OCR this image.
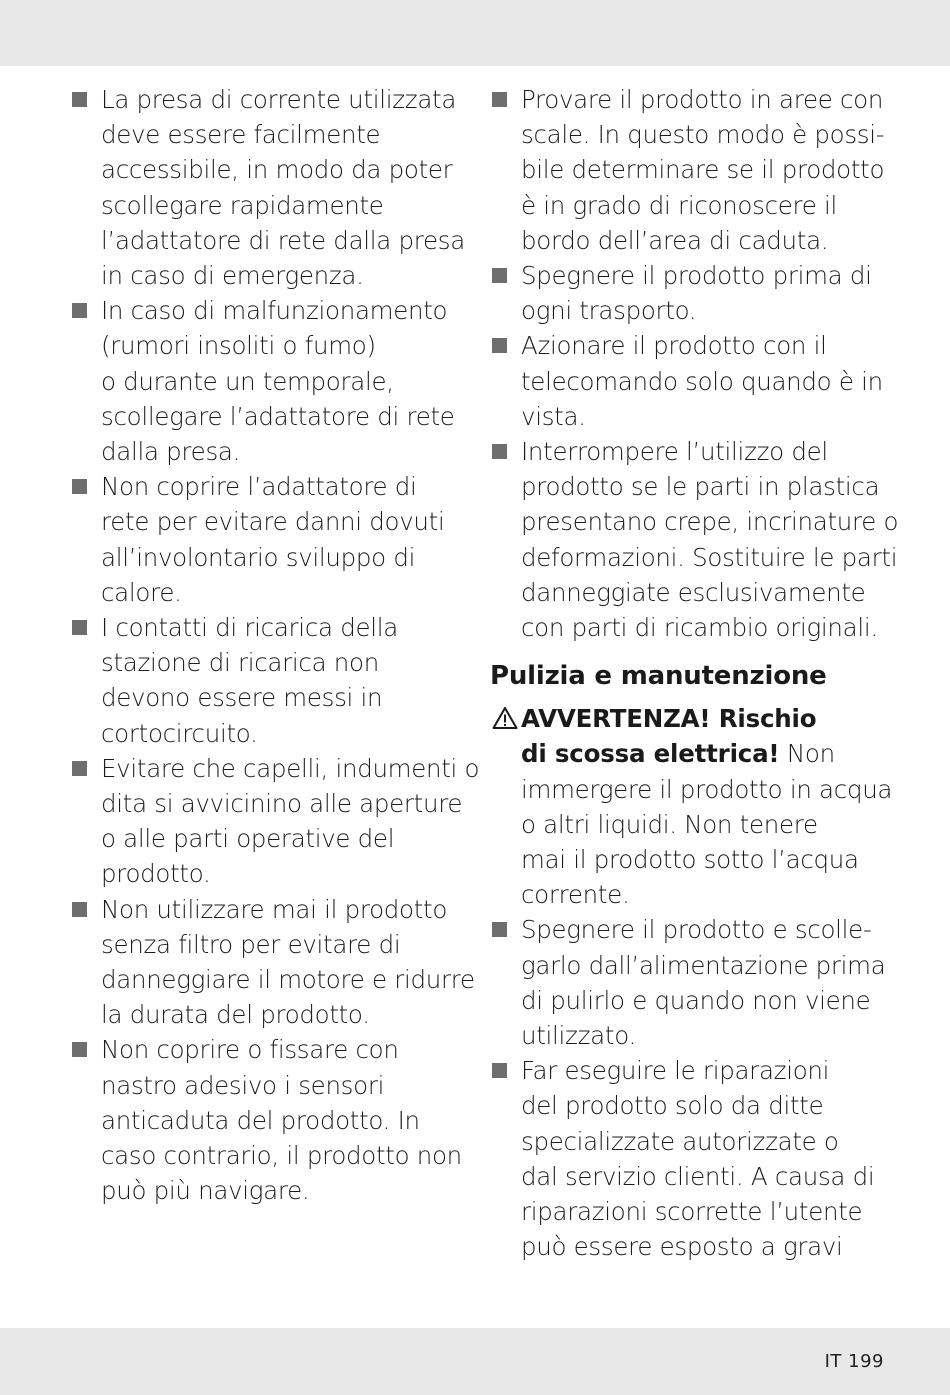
La presa di corrente utilizzata
deve essere facilmente
accessibile, in modo da poter
scollegare rapidamente
l’adattatore di rete dalla presa
in caso di emergenza.
In caso di malfunzionamento
(rumori insoliti o fumo)
o durante un temporale,
scollegare l’adattatore di rete
dalla presa.
Non coprire l’adattatore di
rete per evitare danni dovuti
all’involontario sviluppo di
calore.
I contatti di ricarica della
stazione di ricarica non
devono essere messi in
cortocircuito.
Evitare che capelli, indumenti o
dita si avvicinino alle aperture
o alle parti operative del
prodotto.
Non utilizzare mai il prodotto
senza filtro per evitare di
danneggiare il motore e ridurre
la durata del prodotto.
Non coprire o fissare con
nastro adesivo i sensori
anticaduta del prodotto. In
caso contrario, il prodotto non
può più navigare.
Provare il prodotto in aree con
scale. In questo modo è possi-
bile determinare se il prodotto
è in grado di riconoscere il
bordo dell’area di caduta.
Spegnere il prodotto prima di
ogni trasporto.
Azionare il prodotto con il
telecomando solo quando è in
vista.
Interrompere l’utilizzo del
prodotto se le parti in plastica
presentano crepe, incrinature o
deformazioni. Sostituire le parti
danneggiate esclusivamente
con parti di ricambio originali.
Pulizia e manutenzione
AVVERTENZA! Rischio
di scossa elettrica! Non
immergere il prodotto in acqua
o altri liquidi. Non tenere
mai il prodotto sotto l’acqua
corrente.
Spegnere il prodotto e scolle-
garlo dall’alimentazione prima
di pulirlo e quando non viene
utilizzato.
Far eseguire le riparazioni
del prodotto solo da ditte
specializzate autorizzate o
dal servizio clienti. A causa di
riparazioni scorrette l’utente
può essere esposto a gravi
IT 199
